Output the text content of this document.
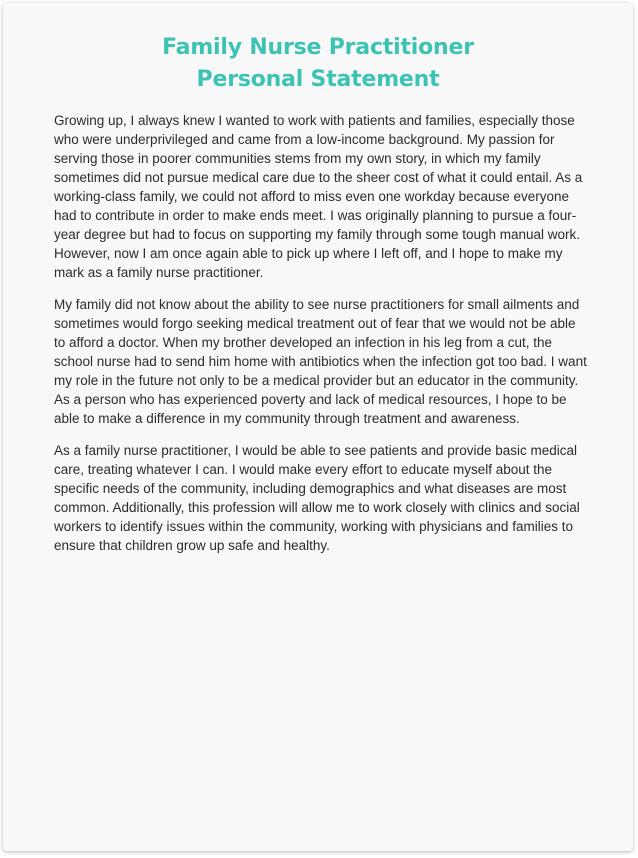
Family Nurse Practitioner
Personal Statement

Growing up, I always knew I wanted to work with patients and families, especially those who were underprivileged and came from a low-income background. My passion for serving those in poorer communities stems from my own story, in which my family sometimes did not pursue medical care due to the sheer cost of what it could entail. As a working-class family, we could not afford to miss even one workday because everyone had to contribute in order to make ends meet. I was originally planning to pursue a four-year degree but had to focus on supporting my family through some tough manual work. However, now I am once again able to pick up where I left off, and I hope to make my mark as a family nurse practitioner.

My family did not know about the ability to see nurse practitioners for small ailments and sometimes would forgo seeking medical treatment out of fear that we would not be able to afford a doctor. When my brother developed an infection in his leg from a cut, the school nurse had to send him home with antibiotics when the infection got too bad. I want my role in the future not only to be a medical provider but an educator in the community. As a person who has experienced poverty and lack of medical resources, I hope to be able to make a difference in my community through treatment and awareness.

As a family nurse practitioner, I would be able to see patients and provide basic medical care, treating whatever I can. I would make every effort to educate myself about the specific needs of the community, including demographics and what diseases are most common. Additionally, this profession will allow me to work closely with clinics and social workers to identify issues within the community, working with physicians and families to ensure that children grow up safe and healthy.
